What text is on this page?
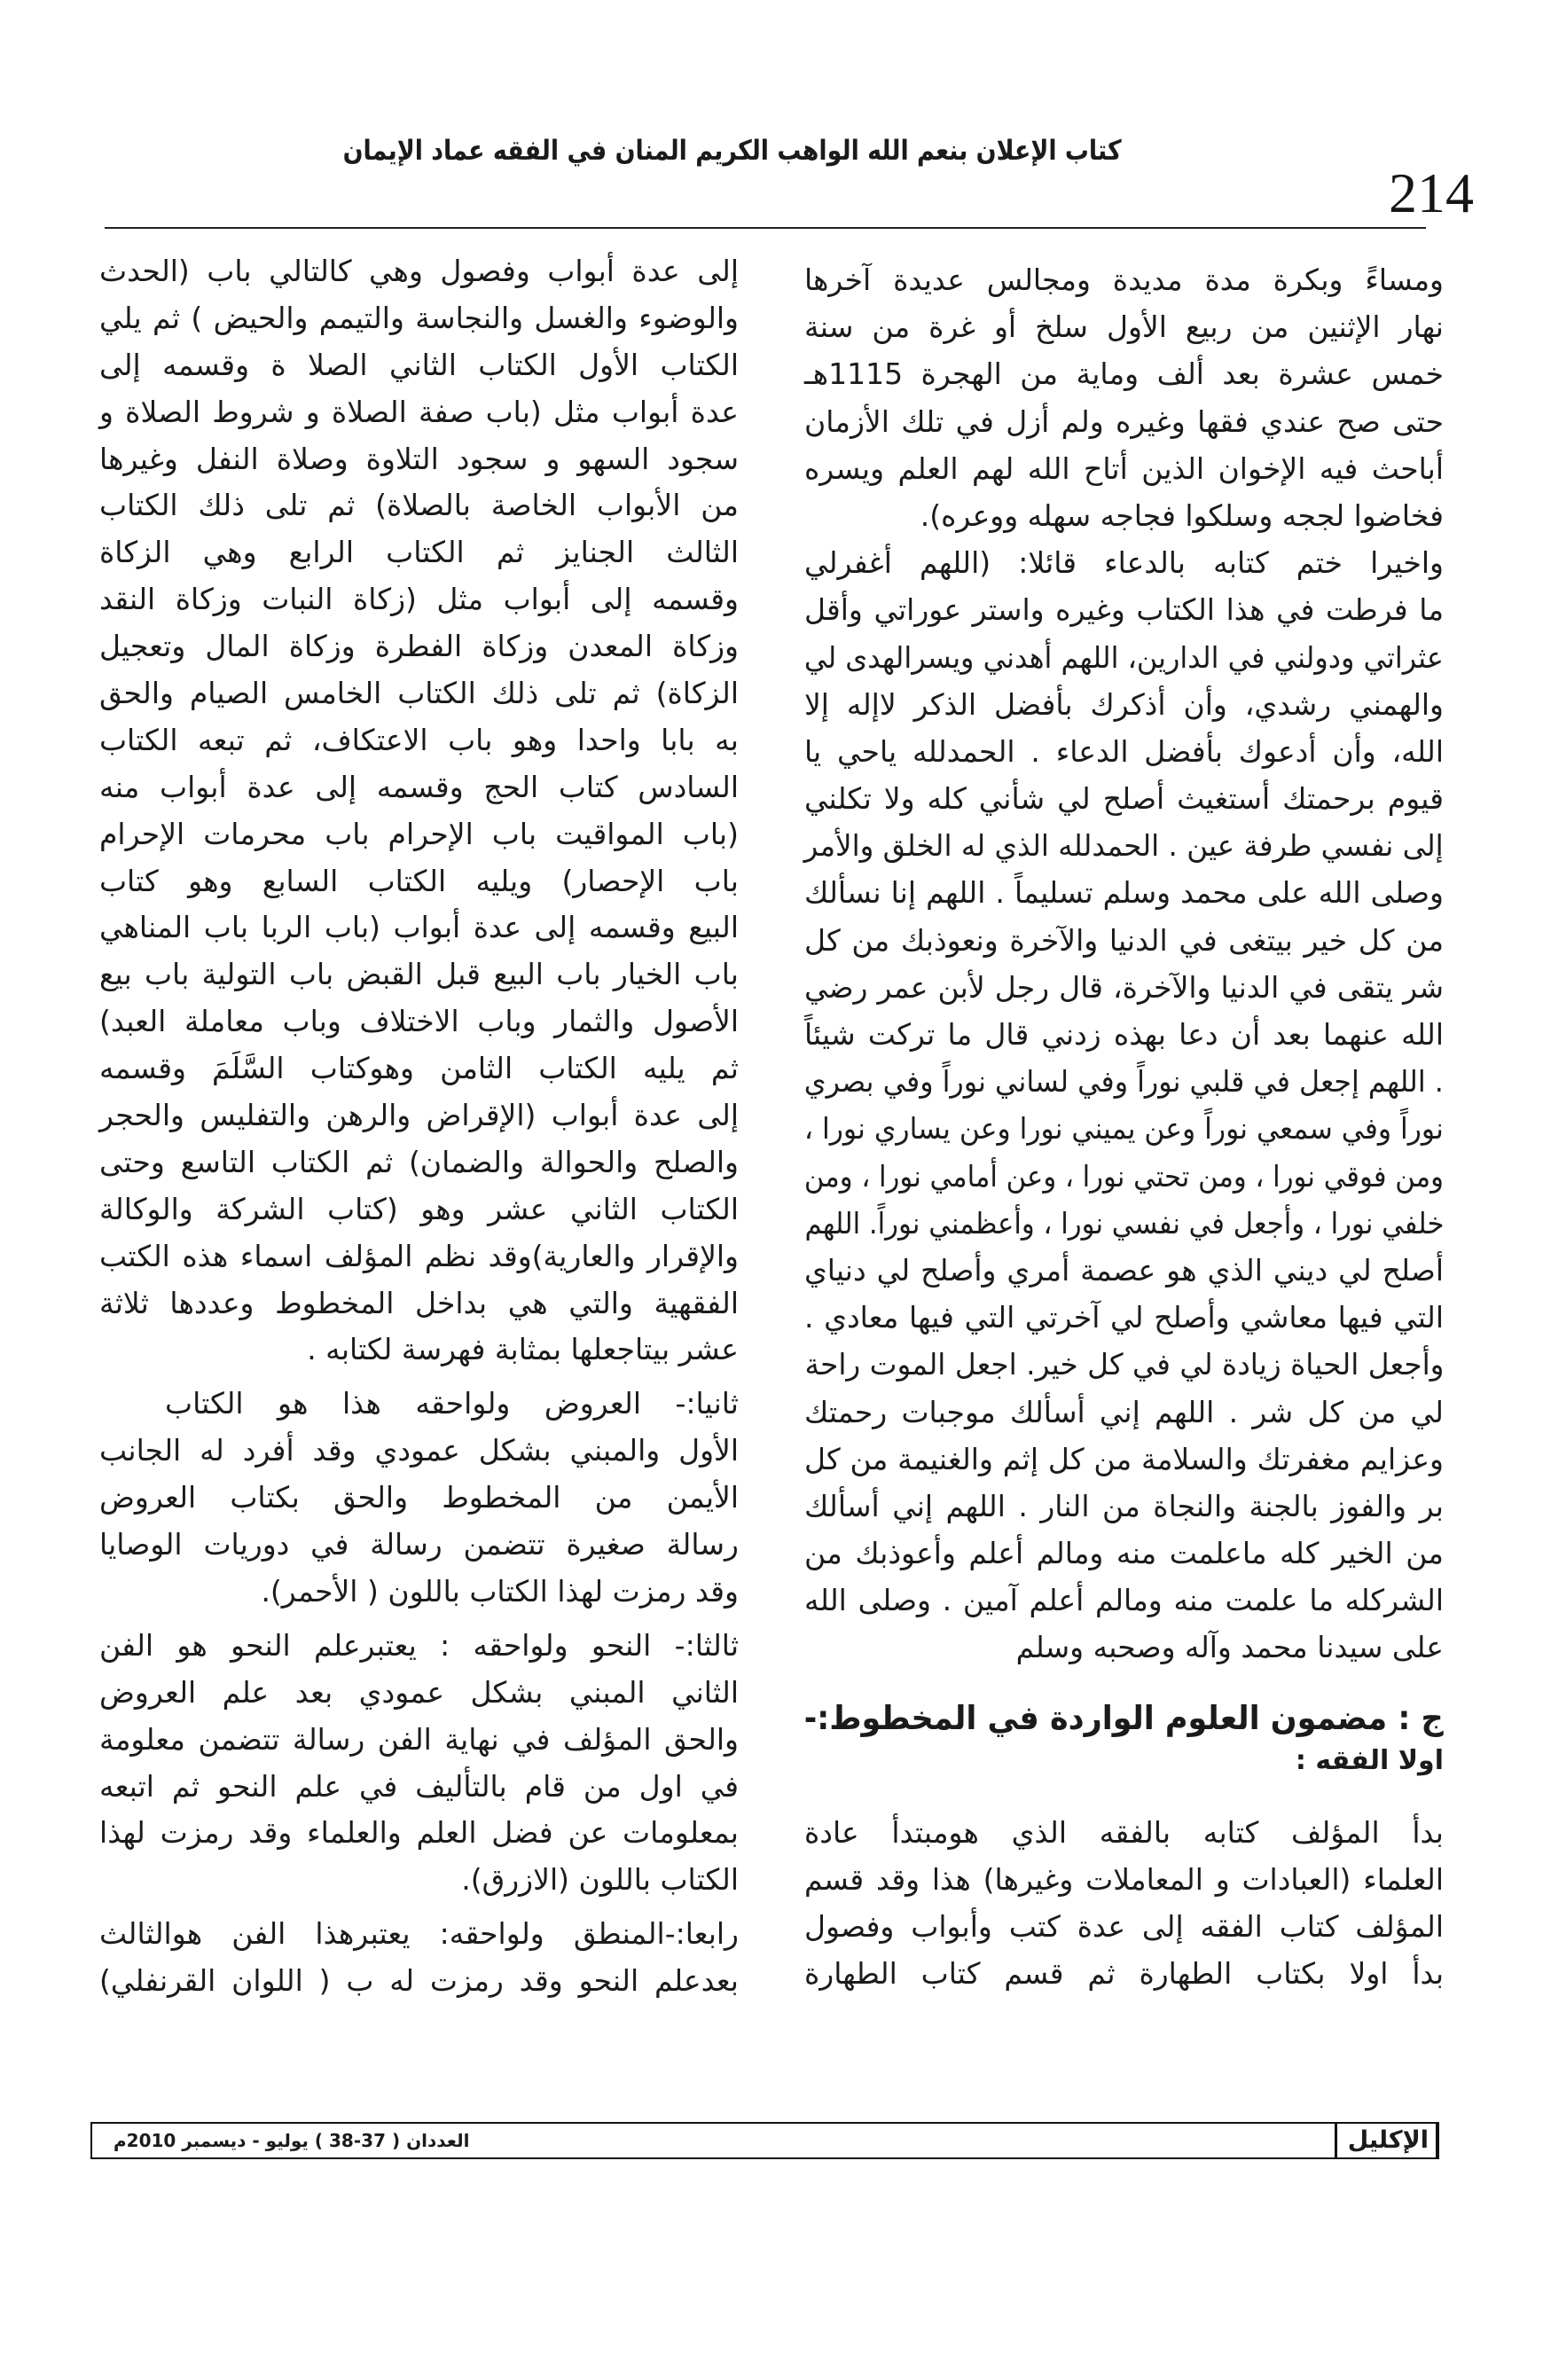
كتاب الإعلان بنعم الله الواهب الكريم المنان في الفقه عماد الإيمان
214
ومساءً وبكرة مدة مديدة ومجالس عديدة آخرها
نهار الإثنين من ربيع الأول سلخ أو غرة من سنة
خمس عشرة بعد ألف وماية من الهجرة 1115هـ
حتى صح عندي فقها وغيره ولم أزل في تلك الأزمان
أباحث فيه الإخوان الذين أتاح الله لهم العلم ويسره
فخاضوا لججه وسلكوا فجاجه سهله ووعره).
واخيرا ختم كتابه بالدعاء قائلا: (اللهم أغفرلي
ما فرطت في هذا الكتاب وغيره واستر عوراتي وأقل
عثراتي ودولني في الدارين، اللهم أهدني ويسرالهدى لي
والهمني رشدي، وأن أذكرك بأفضل الذكر لاإله إلا
الله، وأن أدعوك بأفضل الدعاء . الحمدلله ياحي يا
قيوم برحمتك أستغيث أصلح لي شأني كله ولا تكلني
إلى نفسي طرفة عين . الحمدلله الذي له الخلق والأمر
وصلى الله على محمد وسلم تسليماً . اللهم إنا نسألك
من كل خير بيتغى في الدنيا والآخرة ونعوذبك من كل
شر يتقى في الدنيا والآخرة، قال رجل لأبن عمر رضي
الله عنهما بعد أن دعا بهذه زدني قال ما تركت شيئاً
. اللهم إجعل في قلبي نوراً وفي لساني نوراً وفي بصري
نوراً وفي سمعي نوراً وعن يميني نورا وعن يساري نورا ،
ومن فوقي نورا ، ومن تحتي نورا ، وعن أمامي نورا ، ومن
خلفي نورا ، وأجعل في نفسي نورا ، وأعظمني نوراً. اللهم
أصلح لي ديني الذي هو عصمة أمري وأصلح لي دنياي
التي فيها معاشي وأصلح لي آخرتي التي فيها معادي .
وأجعل الحياة زيادة لي في كل خير. اجعل الموت راحة
لي من كل شر . اللهم إني أسألك موجبات رحمتك
وعزايم مغفرتك والسلامة من كل إثم والغنيمة من كل
بر والفوز بالجنة والنجاة من النار . اللهم إني أسألك
من الخير كله ماعلمت منه ومالم أعلم وأعوذبك من
الشركله ما علمت منه ومالم أعلم آمين . وصلى الله
على سيدنا محمد وآله وصحبه وسلم
ج : مضمون العلوم الواردة في المخطوط:-
اولا الفقه :
بدأ المؤلف كتابه بالفقه الذي هومبتدأ عادة
العلماء (العبادات و المعاملات وغيرها) هذا وقد قسم
المؤلف كتاب الفقه إلى عدة كتب وأبواب وفصول
بدأ اولا بكتاب الطهارة ثم قسم كتاب الطهارة
إلى عدة أبواب وفصول وهي كالتالي باب (الحدث
والوضوء والغسل والنجاسة والتيمم والحيض ) ثم يلي
الكتاب الأول الكتاب الثاني الصلا ة وقسمه إلى
عدة أبواب مثل (باب صفة الصلاة و شروط الصلاة و
سجود السهو و سجود التلاوة وصلاة النفل وغيرها
من الأبواب الخاصة بالصلاة) ثم تلى ذلك الكتاب
الثالث الجنايز ثم الكتاب الرابع وهي الزكاة
وقسمه إلى أبواب مثل (زكاة النبات وزكاة النقد
وزكاة المعدن وزكاة الفطرة وزكاة المال وتعجيل
الزكاة) ثم تلى ذلك الكتاب الخامس الصيام والحق
به بابا واحدا وهو باب الاعتكاف، ثم تبعه الكتاب
السادس كتاب الحج وقسمه إلى عدة أبواب منه
(باب المواقيت باب الإحرام باب محرمات الإحرام
باب الإحصار) ويليه الكتاب السابع وهو كتاب
البيع وقسمه إلى عدة أبواب (باب الربا باب المناهي
باب الخيار باب البيع قبل القبض باب التولية باب بيع
الأصول والثمار وباب الاختلاف وباب معاملة العبد)
ثم يليه الكتاب الثامن وهوكتاب السَّلَمَ وقسمه
إلى عدة أبواب (الإقراض والرهن والتفليس والحجر
والصلح والحوالة والضمان) ثم الكتاب التاسع وحتى
الكتاب الثاني عشر وهو (كتاب الشركة والوكالة
والإقرار والعارية)وقد نظم المؤلف اسماء هذه الكتب
الفقهية والتي هي بداخل المخطوط وعددها ثلاثة
عشر بيتاجعلها بمثابة فهرسة لكتابه .
ثانيا:- العروض ولواحقه هذا هو الكتاب
الأول والمبني بشكل عمودي وقد أفرد له الجانب
الأيمن من المخطوط والحق بكتاب العروض
رسالة صغيرة تتضمن رسالة في دوريات الوصايا
وقد رمزت لهذا الكتاب باللون ( الأحمر).
ثالثا:- النحو ولواحقه : يعتبرعلم النحو هو الفن
الثاني المبني بشكل عمودي بعد علم العروض
والحق المؤلف في نهاية الفن رسالة تتضمن معلومة
في اول من قام بالتأليف في علم النحو ثم اتبعه
بمعلومات عن فضل العلم والعلماء وقد رمزت لهذا
الكتاب باللون (الازرق).
رابعا:-المنطق ولواحقه: يعتبرهذا الفن هوالثالث
بعدعلم النحو وقد رمزت له ب ( اللوان القرنفلي)
الإكليل
العددان ( 37-38 ) يوليو - ديسمبر 2010م
